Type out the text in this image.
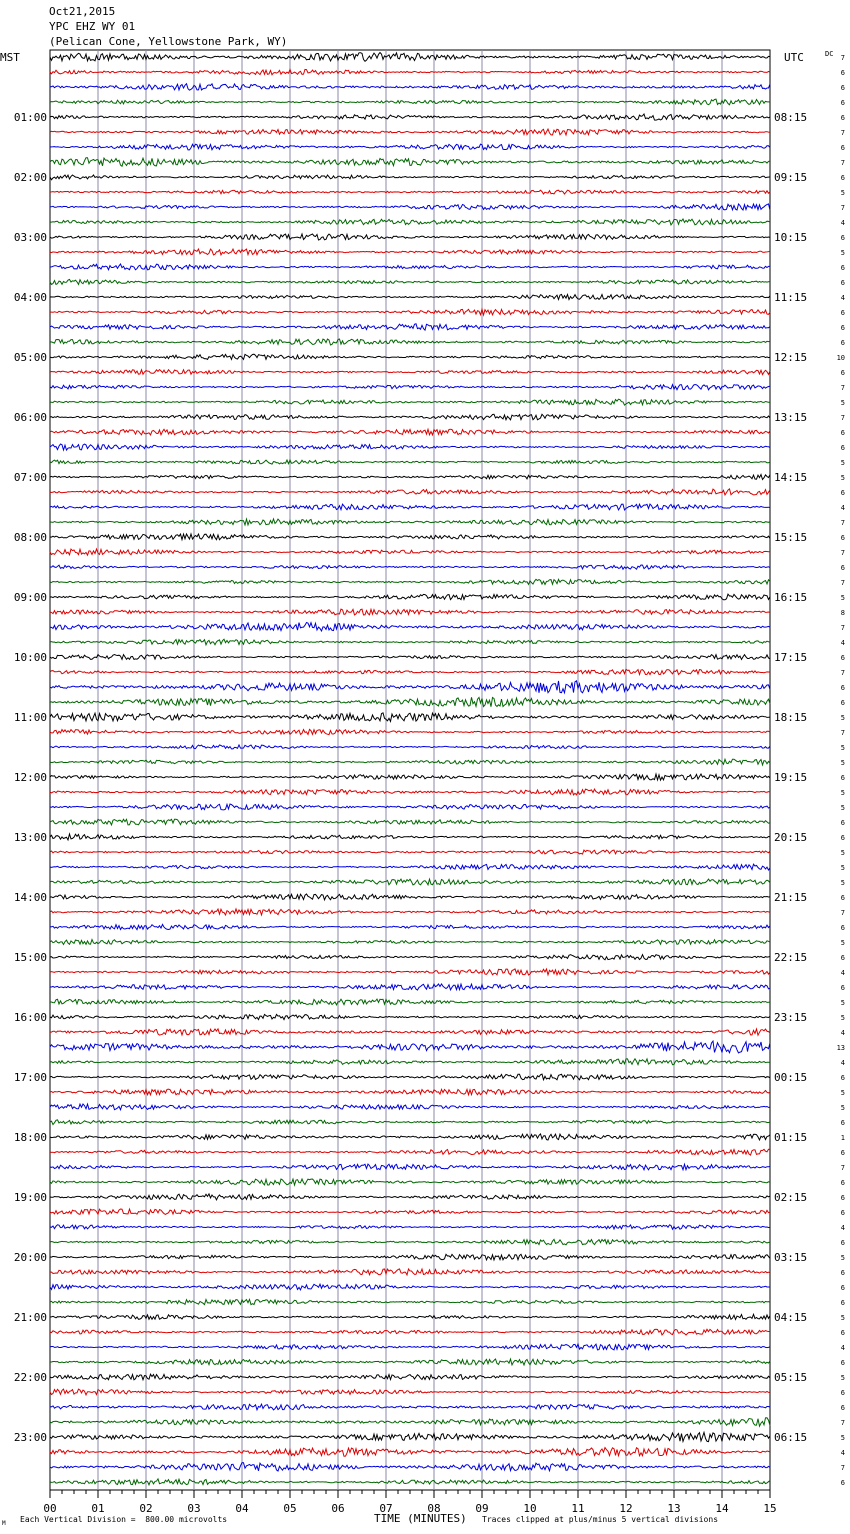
MST	UTC	DC
01:00
02:00
03:00
04:00
05:00
06:00
07:00
08:00
09:00
10:00
11:00
12:00
13:00
14:00
15:00
16:00
17:00
18:00
19:00
20:00
21:00
22:00
23:00
08:15
09:15
10:15
11:15
12:15
13:15
14:15
15:15
16:15
17:15
18:15
19:15
20:15
21:15
22:15
23:15
00:15
01:15
02:15
03:15
04:15
05:15
06:15
7
6
6
6
6
7
6
7
6
5
7
4
6
5
6
6
4
6
6
6
10
6
7
5
7
6
6
5
5
6
4
7
6
7
6
7
5
8
7
4
6
7
6
6
5
7
5
5
6
5
5
6
6
5
5
5
6
7
6
5
6
4
6
5
5
4
13
4
6
5
5
6
1
6
7
6
6
6
4
6
5
6
6
6
5
6
4
6
5
6
6
7
5
4
7
6
00	01	02	03	04	05	06	07	08	09	10	11	12	13	14	15
Oct21,2015
YPC EHZ WY 01
(Pelican Cone, Yellowstone Park, WY)
M Each Vertical Division =  800.00 microvolts	TIME (MINUTES) Traces clipped at plus/minus 5 vertical divisions
